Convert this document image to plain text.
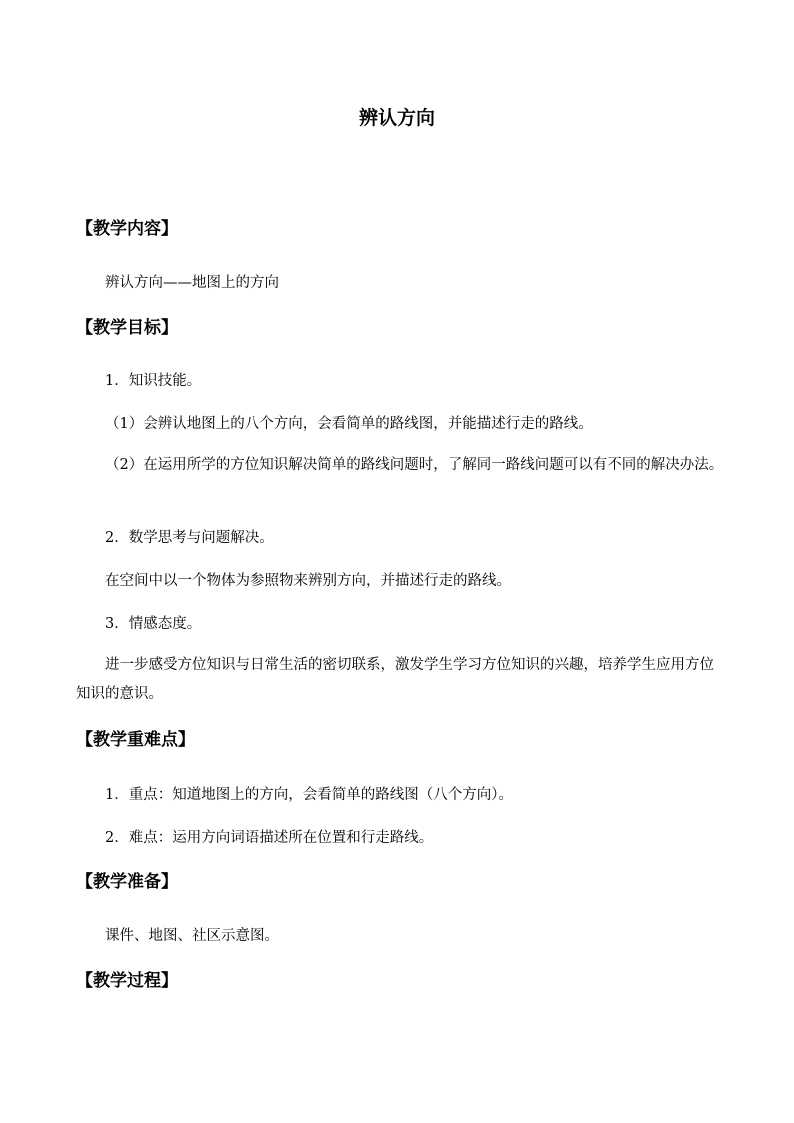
辨认方向
【教学内容】
辨认方向——地图上的方向
【教学目标】
1．知识技能。
（1）会辨认地图上的八个方向，会看简单的路线图，并能描述行走的路线。
（2）在运用所学的方位知识解决简单的路线问题时，了解同一路线问题可以有不同的解决办法。
2．数学思考与问题解决。
在空间中以一个物体为参照物来辨别方向，并描述行走的路线。
3．情感态度。
进一步感受方位知识与日常生活的密切联系，激发学生学习方位知识的兴趣，培养学生应用方位知识的意识。
【教学重难点】
1．重点：知道地图上的方向，会看简单的路线图（八个方向）。
2．难点：运用方向词语描述所在位置和行走路线。
【教学准备】
课件、地图、社区示意图。
【教学过程】
